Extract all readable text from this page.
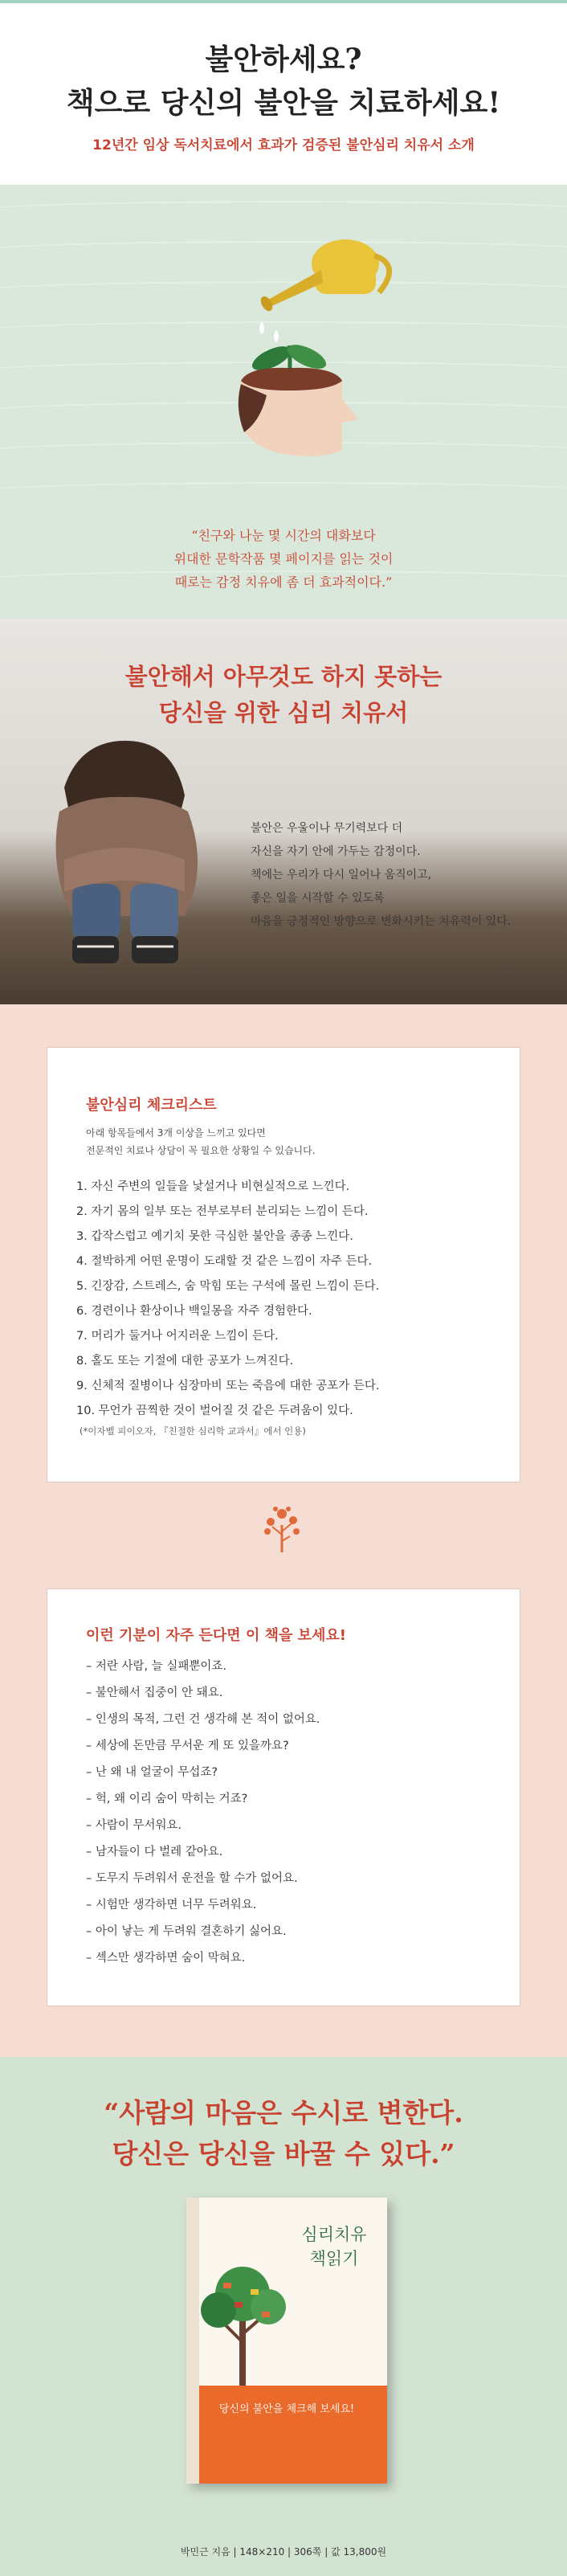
불안하세요?
책으로 당신의 불안을 치료하세요!

12년간 임상 독서치료에서 효과가 검증된 불안심리 치유서 소개

“친구와 나눈 몇 시간의 대화보다
위대한 문학작품 몇 페이지를 읽는 것이
때로는 감정 치유에 좀 더 효과적이다.”

불안해서 아무것도 하지 못하는
당신을 위한 심리 치유서
불안은 우울이나 무기력보다 더
자신을 자기 안에 가두는 감정이다.
책에는 우리가 다시 일어나 움직이고,
좋은 일을 시작할 수 있도록
마음을 긍정적인 방향으로 변화시키는 치유력이 있다.
불안심리 체크리스트

아래 항목들에서 3개 이상을 느끼고 있다면
전문적인 치료나 상담이 꼭 필요한 상황일 수 있습니다.

1. 자신 주변의 일들을 낯설거나 비현실적으로 느낀다.
2. 자기 몸의 일부 또는 전부로부터 분리되는 느낌이 든다.
3. 갑작스럽고 예기치 못한 극심한 불안을 종종 느낀다.
4. 절박하게 어떤 운명이 도래할 것 같은 느낌이 자주 든다.
5. 긴장감, 스트레스, 숨 막힘 또는 구석에 몰린 느낌이 든다.
6. 경련이나 환상이나 백일몽을 자주 경험한다.
7. 머리가 둘거나 어지러운 느낌이 든다.
8. 홀도 또는 기절에 대한 공포가 느껴진다.
9. 신체적 질병이나 심장마비 또는 죽음에 대한 공포가 든다.
10. 무언가 끔찍한 것이 벌어질 것 같은 두려움이 있다.

(*이자벨 피이오자, 『친절한 심리학 교과서』에서 인용)

이런 기분이 자주 든다면 이 책을 보세요!
– 저란 사람, 늘 실패뿐이죠.
– 불안해서 집중이 안 돼요.
– 인생의 목적, 그런 건 생각해 본 적이 없어요.
– 세상에 돈만큼 무서운 게 또 있을까요?
– 난 왜 내 얼굴이 무섭죠?
– 헉, 왜 이리 숨이 막히는 거죠?
– 사람이 무서워요.
– 남자들이 다 벌레 같아요.
– 도무지 두려워서 운전을 할 수가 없어요.
– 시험만 생각하면 너무 두려워요.
– 아이 낳는 게 두려워 결혼하기 싫어요.
– 섹스만 생각하면 숨이 막혀요.
“사람의 마음은 수시로 변한다.
당신은 당신을 바꿀 수 있다.”
심리치유
책읽기
당신의 불안을 체크해 보세요!

박민근 지음 | 148×210 | 306쪽 | 값 13,800원
